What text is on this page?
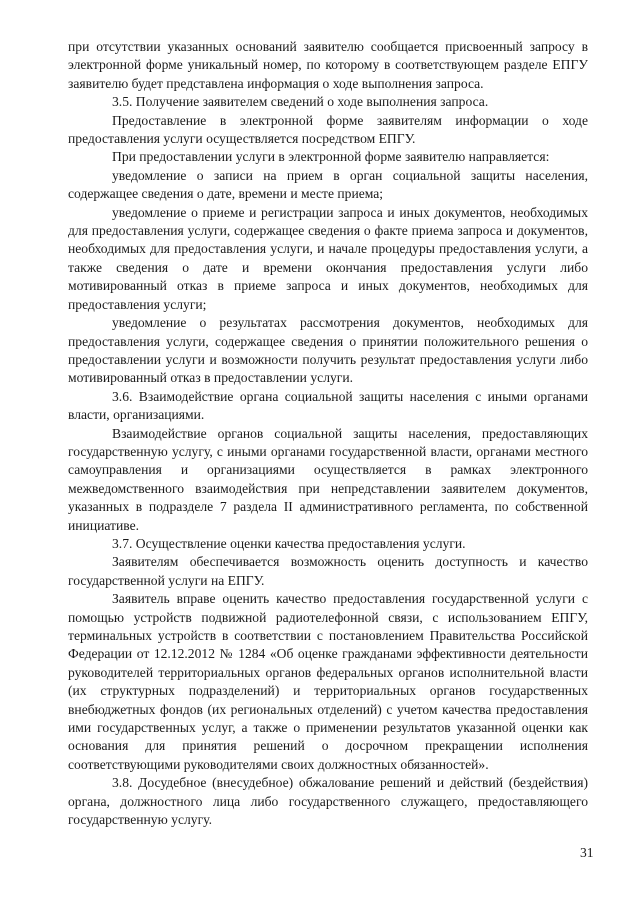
при отсутствии указанных оснований заявителю сообщается присвоенный запросу в электронной форме уникальный номер, по которому в соответствующем разделе ЕПГУ заявителю будет представлена информация о ходе выполнения запроса.

3.5. Получение заявителем сведений о ходе выполнения запроса.

Предоставление в электронной форме заявителям информации о ходе предоставления услуги осуществляется посредством ЕПГУ.

При предоставлении услуги в электронной форме заявителю направляется:

уведомление о записи на прием в орган социальной защиты населения, содержащее сведения о дате, времени и месте приема;

уведомление о приеме и регистрации запроса и иных документов, необходимых для предоставления услуги, содержащее сведения о факте приема запроса и документов, необходимых для предоставления услуги, и начале процедуры предоставления услуги, а также сведения о дате и времени окончания предоставления услуги либо мотивированный отказ в приеме запроса и иных документов, необходимых для предоставления услуги;

уведомление о результатах рассмотрения документов, необходимых для предоставления услуги, содержащее сведения о принятии положительного решения о предоставлении услуги и возможности получить результат предоставления услуги либо мотивированный отказ в предоставлении услуги.

3.6. Взаимодействие органа социальной защиты населения с иными органами власти, организациями.

Взаимодействие органов социальной защиты населения, предоставляющих государственную услугу, с иными органами государственной власти, органами местного самоуправления и организациями осуществляется в рамках электронного межведомственного взаимодействия при непредставлении заявителем документов, указанных в подразделе 7 раздела II административного регламента, по собственной инициативе.

3.7. Осуществление оценки качества предоставления услуги.

Заявителям обеспечивается возможность оценить доступность и качество государственной услуги на ЕПГУ.

Заявитель вправе оценить качество предоставления государственной услуги с помощью устройств подвижной радиотелефонной связи, с использованием ЕПГУ, терминальных устройств в соответствии с постановлением Правительства Российской Федерации от 12.12.2012 № 1284 «Об оценке гражданами эффективности деятельности руководителей территориальных органов федеральных органов исполнительной власти (их структурных подразделений) и территориальных органов государственных внебюджетных фондов (их региональных отделений) с учетом качества предоставления ими государственных услуг, а также о применении результатов указанной оценки как основания для принятия решений о досрочном прекращении исполнения соответствующими руководителями своих должностных обязанностей».

3.8. Досудебное (внесудебное) обжалование решений и действий (бездействия) органа, должностного лица либо государственного служащего, предоставляющего государственную услугу.

31
